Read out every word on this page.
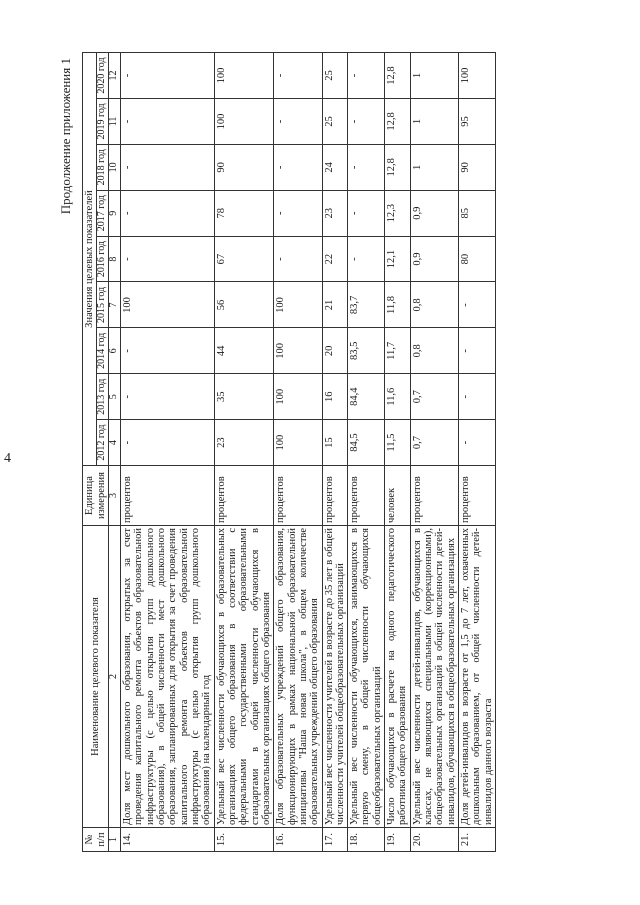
4
Продолжение приложения 1
№ п/п	Наименование целевого показателя	Единица измерения	Значения целевых показателей								
			2012 год	2013 год	2014 год	2015 год	2016 год	2017 год	2018 год	2019 год	2020 год
1	2	3	4	5	6	7	8	9	10	11	12
14.	Доля мест дошкольного образования, открытых за счет проведения капитального ремонта объектов образовательной инфраструктуры (с целью открытия групп дошкольного образования), в общей численности мест дошкольного образования, запланированных для открытия за счет проведения капитального ремонта объектов образовательной инфраструктуры (с целью открытия групп дошкольного образования) на календарный год	процентов	-	-	-	100	-	-	-	-	-
15.	Удельный вес численности обучающихся в образовательных организациях общего образования в соответствии с федеральными государственными образовательными стандартами в общей численности обучающихся в образовательных организациях общего образования	процентов	23	35	44	56	67	78	90	100	100
16.	Доля образовательных учреждений общего образования, функционирующих в рамках национальной образовательной инициативы "Наша новая школа", в общем количестве образовательных учреждений общего образования	процентов	100	100	100	100	-	-	-	-	-
17.	Удельный вес численности учителей в возрасте до 35 лет в общей численности учителей общеобразовательных организаций	процентов	15	16	20	21	22	23	24	25	25
18.	Удельный вес численности обучающихся, занимающихся в первую смену, в общей численности обучающихся общеобразовательных организаций	процентов	84,5	84,4	83,5	83,7	-	-	-	-	-
19.	Число обучающихся в расчете на одного педагогического работника общего образования	человек	11,5	11,6	11,7	11,8	12,1	12,3	12,8	12,8	12,8
20.	Удельный вес численности детей-инвалидов, обучающихся в классах, не являющихся специальными (коррекционными), общеобразовательных организаций в общей численности детей-инвалидов, обучающихся в общеобразовательных организациях	процентов	0,7	0,7	0,8	0,8	0,9	0,9	1	1	1
21.	Доля детей-инвалидов в возрасте от 1,5 до 7 лет, охваченных дошкольным образованием, от общей численности детей-инвалидов данного возраста	процентов	-	-	-	-	80	85	90	95	100
